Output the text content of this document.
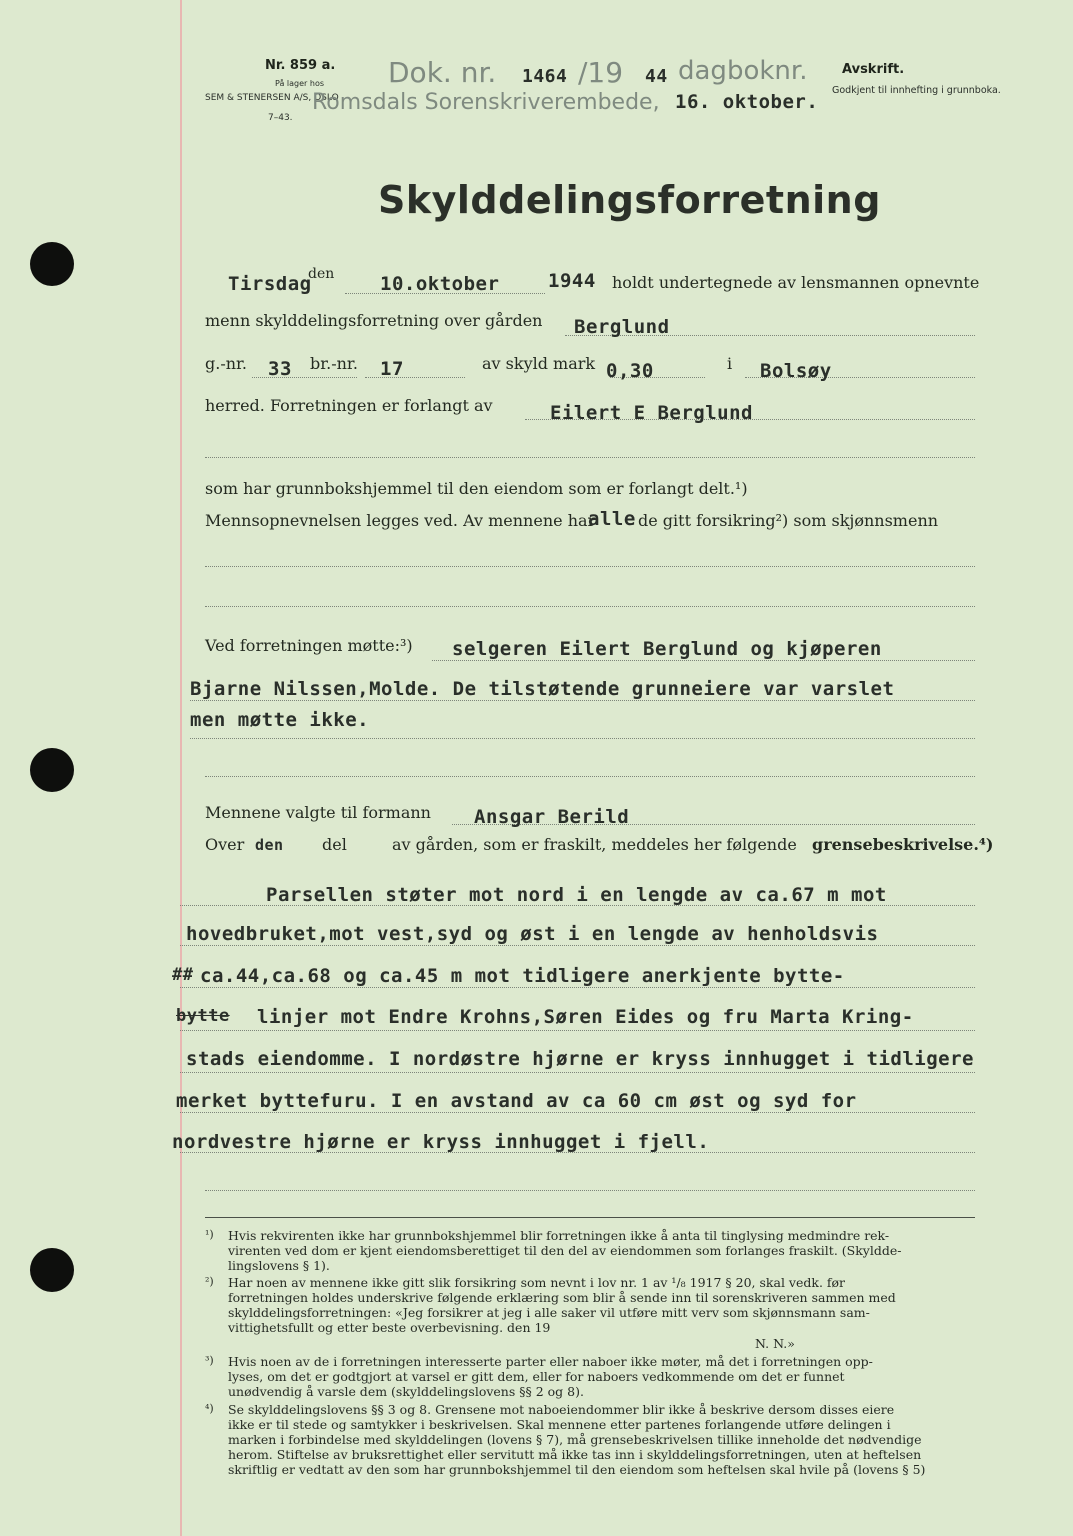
Nr. 859 a.
På lager hos
SEM & STENERSEN A/S, OSLO
7–43.
Dok. nr. 1464 /19 44 dagboknr.
Romsdals Sorenskriverembede, 16. oktober.
Avskrift.
Godkjent til innhefting i grunnboka.
Skylddelingsforretning
Tirsdag
den 10.oktober	1944 holdt undertegnede av lensmannen opnevnte
menn skylddelingsforretning over gården Berglund
g.-nr. 33 br.-nr. 17	av skyld mark 0,30	i Bolsøy
herred. Forretningen er forlangt av	Eilert E Berglund
som har grunnbokshjemmel til den eiendom som er forlangt delt.¹)
Mennsopnevnelsen legges ved. Av mennene har
alle de gitt forsikring²) som skjønnsmenn
Ved forretningen møtte:³) selgeren Eilert Berglund og kjøperen
Bjarne Nilssen,Molde. De tilstøtende grunneiere var varslet
men møtte ikke.
Mennene valgte til formann Ansgar Berild
Over den del	av gården, som er fraskilt, meddeles her følgende grensebeskrivelse.⁴)
Parsellen støter mot nord i en lengde av ca.67 m mot
hovedbruket,mot vest,syd og øst i en lengde av henholdsvis
## ca.44,ca.68 og ca.45 m mot tidligere anerkjente bytte-
bytte linjer mot Endre Krohns,Søren Eides og fru Marta Kring-
stads eiendomme. I nordøstre hjørne er kryss innhugget i tidligere
merket byttefuru. I en avstand av ca 60 cm øst og syd for
nordvestre hjørne er kryss innhugget i fjell.
¹) Hvis rekvirenten ikke har grunnbokshjemmel blir forretningen ikke å anta til tinglysing medmindre rek-
virenten ved dom er kjent eiendomsberettiget til den del av eiendommen som forlanges fraskilt. (Skyldde-
lingslovens § 1).
²) Har noen av mennene ikke gitt slik forsikring som nevnt i lov nr. 1 av ¹/₈ 1917 § 20, skal vedk. før
forretningen holdes underskrive følgende erklæring som blir å sende inn til sorenskriveren sammen med
skylddelingsforretningen: «Jeg forsikrer at jeg i alle saker vil utføre mitt verv som skjønnsmann sam-
vittighetsfullt og etter beste overbevisning. den 19
N. N.»
³) Hvis noen av de i forretningen interesserte parter eller naboer ikke møter, må det i forretningen opp-
lyses, om det er godtgjort at varsel er gitt dem, eller for naboers vedkommende om det er funnet
unødvendig å varsle dem (skylddelingslovens §§ 2 og 8).
⁴) Se skylddelingslovens §§ 3 og 8. Grensene mot naboeiendommer blir ikke å beskrive dersom disses eiere
ikke er til stede og samtykker i beskrivelsen. Skal mennene etter partenes forlangende utføre delingen i
marken i forbindelse med skylddelingen (lovens § 7), må grensebeskrivelsen tillike inneholde det nødvendige
herom. Stiftelse av bruksrettighet eller servitutt må ikke tas inn i skylddelingsforretningen, uten at heftelsen
skriftlig er vedtatt av den som har grunnbokshjemmel til den eiendom som heftelsen skal hvile på (lovens § 5)
